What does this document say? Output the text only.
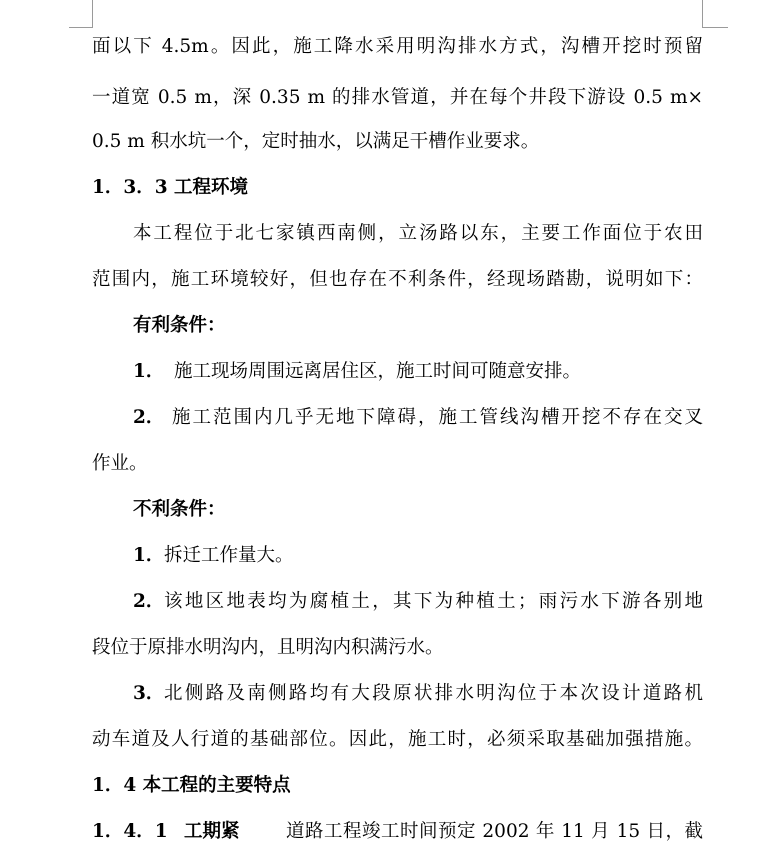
面以下 4.5m。因此，施工降水采用明沟排水方式，沟槽开挖时预留
一道宽 0.5 m，深 0.35 m 的排水管道，并在每个井段下游设 0.5 m×
0.5 m 积水坑一个，定时抽水，以满足干槽作业要求。
1．3．3 工程环境
本工程位于北七家镇西南侧，立汤路以东，主要工作面位于农田
范围内，施工环境较好，但也存在不利条件，经现场踏勘，说明如下：
有利条件：
1． 施工现场周围远离居住区，施工时间可随意安排。
2． 施工范围内几乎无地下障碍，施工管线沟槽开挖不存在交叉
作业。
不利条件：
1． 拆迁工作量大。
2． 该地区地表均为腐植土，其下为种植土；雨污水下游各别地
段位于原排水明沟内，且明沟内积满污水。
3． 北侧路及南侧路均有大段原状排水明沟位于本次设计道路机
动车道及人行道的基础部位。因此，施工时，必须采取基础加强措施。
1．4 本工程的主要特点
1．4．1 工期紧	道路工程竣工时间预定 2002 年 11 月 15 日，截
